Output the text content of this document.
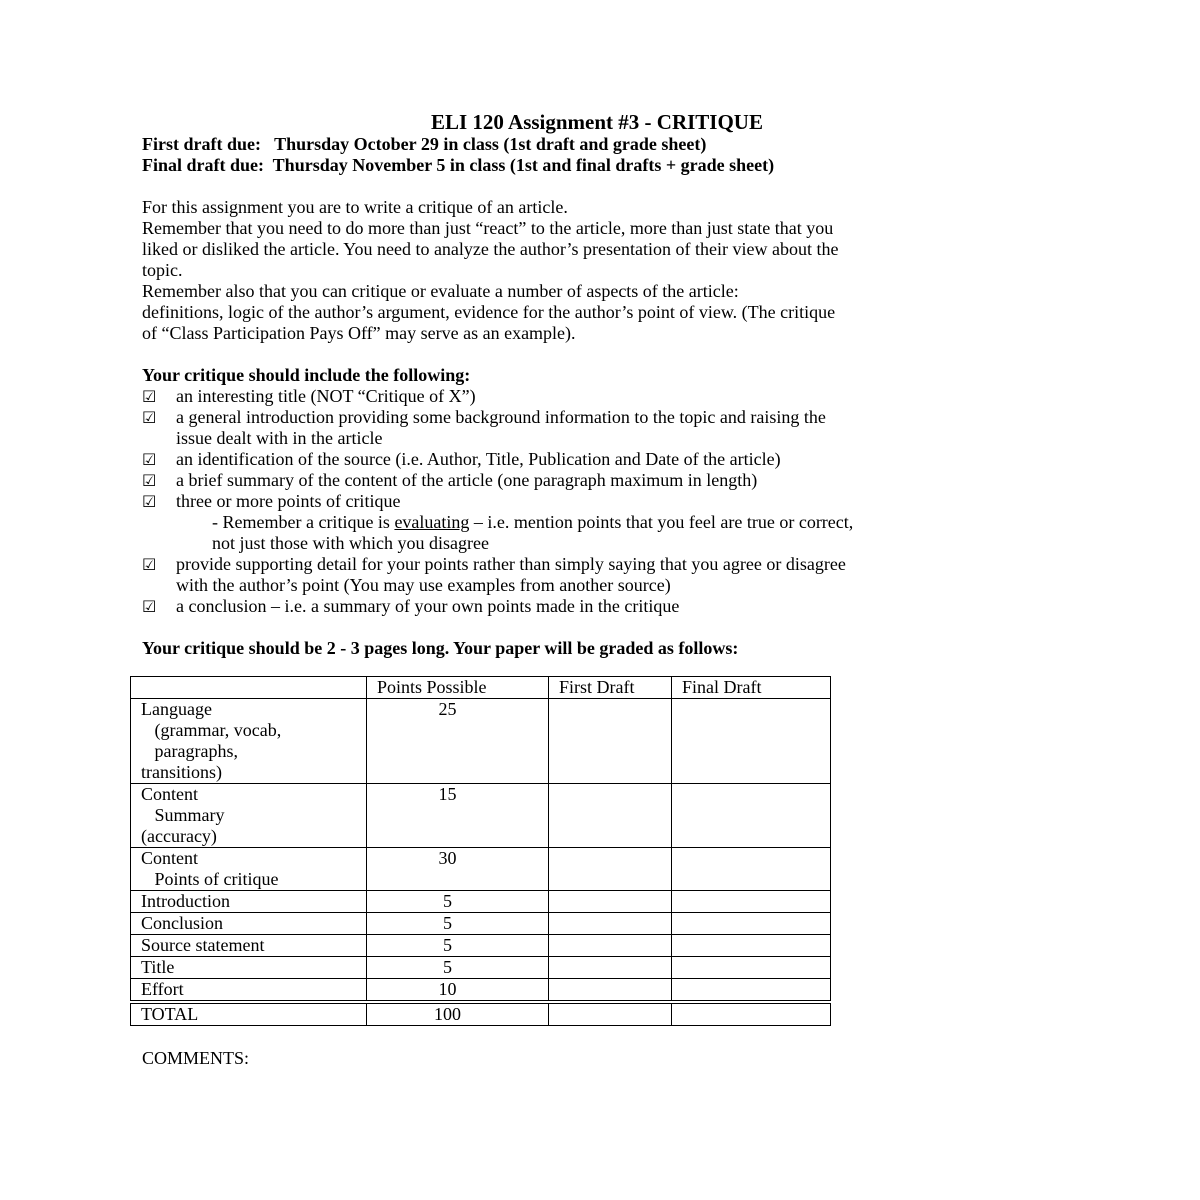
ELI 120 Assignment #3 - CRITIQUE
First draft due:   Thursday October 29 in class (1st draft and grade sheet)
Final draft due:  Thursday November 5 in class (1st and final drafts + grade sheet)
For this assignment you are to write a critique of an article.
Remember that you need to do more than just “react” to the article, more than just state that you
liked or disliked the article. You need to analyze the author’s presentation of their view about the
topic.
Remember also that you can critique or evaluate a number of aspects of the article:
definitions, logic of the author’s argument, evidence for the author’s point of view. (The critique
of “Class Participation Pays Off” may serve as an example).
Your critique should include the following:
☑	an interesting title (NOT “Critique of X”)
☑	a general introduction providing some background information to the topic and raising the
issue dealt with in the article
☑	an identification of the source (i.e. Author, Title, Publication and Date of the article)
☑	a brief summary of the content of the article (one paragraph maximum in length)
☑	three or more points of critique
- Remember a critique is evaluating – i.e. mention points that you feel are true or correct,
not just those with which you disagree
☑	provide supporting detail for your points rather than simply saying that you agree or disagree
with the author’s point (You may use examples from another source)
☑	a conclusion – i.e. a summary of your own points made in the critique
Your critique should be 2 - 3 pages long. Your paper will be graded as follows:
	Points Possible	First Draft	Final Draft

Language
(grammar, vocab,
paragraphs,
transitions)	25		

Content
Summary
(accuracy)	15		

Content
Points of critique	30		

Introduction	5		

Conclusion	5		

Source statement	5		

Title	5		

Effort	10		
TOTAL	100		
COMMENTS:
